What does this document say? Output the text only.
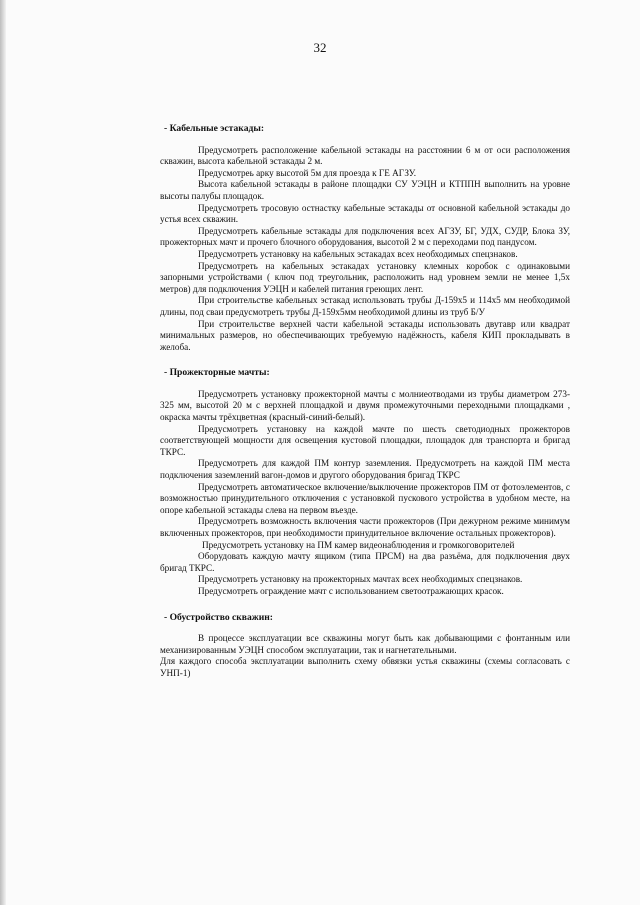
32
- Кабельные эстакады:

Предусмотреть расположение кабельной эстакады на расстоянии 6 м от оси расположения скважин, высота кабельной эстакады 2 м.

Предусмотреь арку высотой 5м для проезда к ГЕ АГЗУ.

Высота кабельной эстакады в районе площадки СУ УЭЦН и КТППН выполнить на уровне высоты палубы площадок.

Предусмотреть тросовую остнастку кабельные эстакады от основной кабельной эстакады до устья всех скважин.

Предусмотреть кабельные эстакады для подключения всех АГЗУ, БГ, УДХ, СУДР, Блока ЗУ, прожекторных мачт и прочего блочного оборудования, высотой 2 м с переходами под пандусом.

Предусмотреть установку на кабельных эстакадах всех необходимых спецзнаков.

Предусмотреть на кабельных эстакадах установку клемных коробок с одинаковыми запорными устройствами ( ключ под треугольник, расположить над уровнем земли не менее 1,5х метров) для подключения УЭЦН и кабелей питания греющих лент.

При строительстве кабельных эстакад использовать трубы Д-159х5 и 114х5 мм необходимой длины, под сваи предусмотреть трубы Д-159х5мм необходимой длины из труб Б/У

При строительстве верхней части кабельной эстакады использовать двутавр или квадрат минимальных размеров, но обеспечивающих требуемую надёжность, кабеля КИП прокладывать в желоба.

- Прожекторные мачты:

Предусмотреть установку прожекторной мачты с молниеотводами из трубы диаметром 273-325 мм, высотой 20 м с верхней площадкой и двумя промежуточными переходными площадками , окраска мачты трёхцветная (красный-синий-белый).

Предусмотреть установку на каждой мачте по шесть светодиодных прожекторов соответствующей мощности для освещения кустовой площадки, площадок для транспорта и бригад ТКРС.

Предусмотреть для каждой ПМ контур заземления. Предусмотреть на каждой ПМ места подключения заземлений вагон-домов и другого оборудования бригад ТКРС

Предусмотреть автоматическое включение/выключение прожекторов ПМ от фотоэлементов, с возможностью принудительного отключения с установкой пускового устройства в удобном месте, на опоре кабельной эстакады слева на первом въезде.

Предусмотреть возможность включения части прожекторов (При дежурном режиме минимум включенных прожекторов, при необходимости принудительное включение остальных прожекторов).

Предусмотреть установку на ПМ камер видеонаблюдения и громкоговорителей

Оборудовать каждую мачту ящиком (типа ПРСМ) на два разъёма, для подключения двух бригад ТКРС.

Предусмотреть установку на прожекторных мачтах всех необходимых спецзнаков.

Предусмотреть ограждение мачт с использованием светоотражающих красок.

- Обустройство скважин:

В процессе эксплуатации все скважины могут быть как добывающими с фонтанным или механизированным УЭЦН способом эксплуатации, так и нагнетательными.

Для каждого способа эксплуатации выполнить схему обвязки устья скважины (схемы согласовать с УНП-1)
